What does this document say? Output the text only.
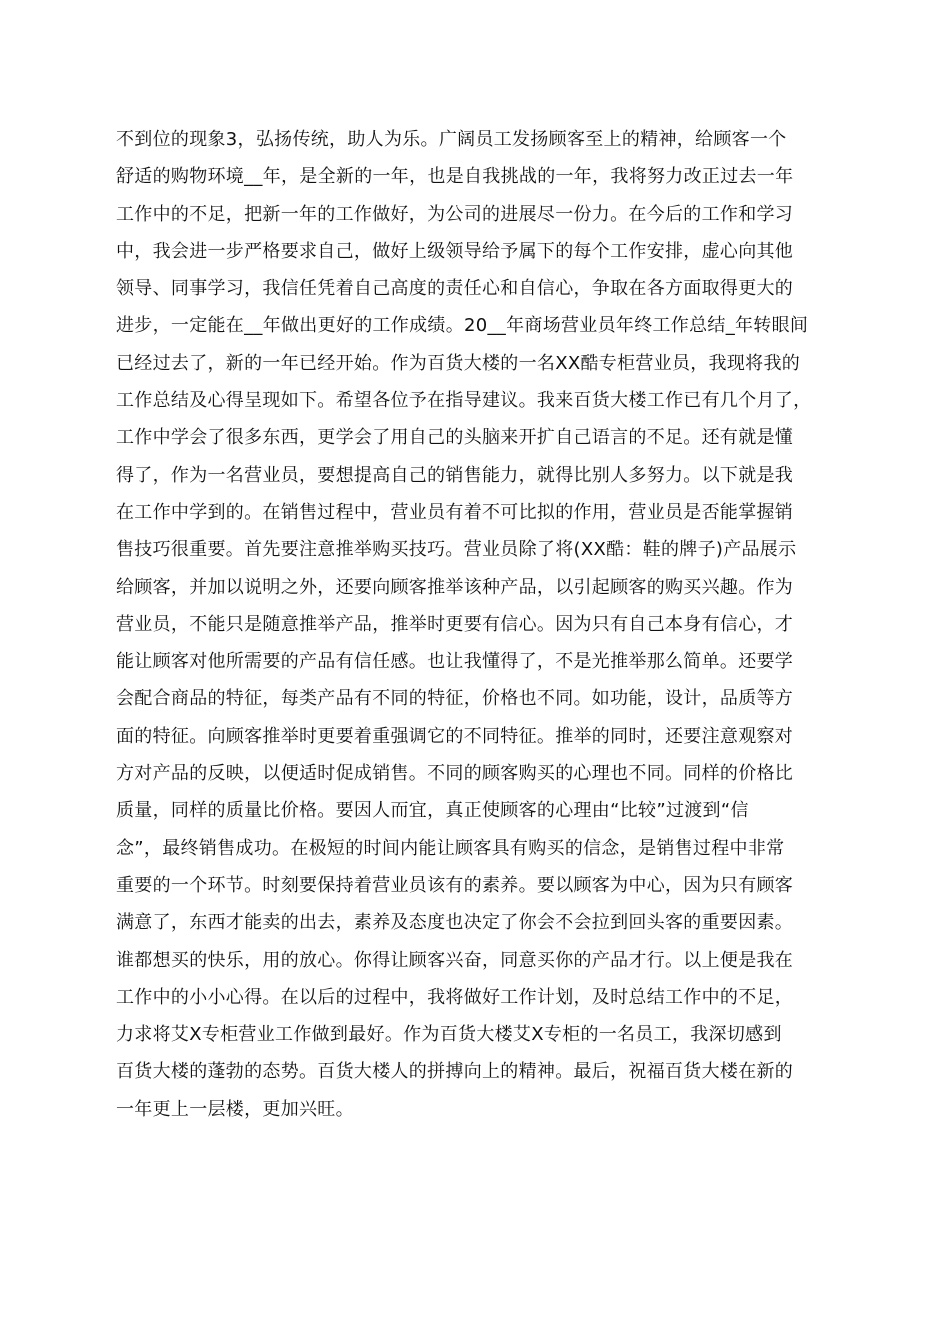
不到位的现象3，弘扬传统，助人为乐。广阔员工发扬顾客至上的精神，给顾客一个
舒适的购物环境__年，是全新的一年，也是自我挑战的一年，我将努力改正过去一年
工作中的不足，把新一年的工作做好，为公司的进展尽一份力。在今后的工作和学习
中，我会进一步严格要求自己，做好上级领导给予属下的每个工作安排，虚心向其他
领导、同事学习，我信任凭着自己高度的责任心和自信心，争取在各方面取得更大的
进步，一定能在__年做出更好的工作成绩。20__年商场营业员年终工作总结_年转眼间
已经过去了，新的一年已经开始。作为百货大楼的一名XX酷专柜营业员，我现将我的
工作总结及心得呈现如下。希望各位予在指导建议。我来百货大楼工作已有几个月了，
工作中学会了很多东西，更学会了用自己的头脑来开扩自己语言的不足。还有就是懂
得了，作为一名营业员，要想提高自己的销售能力，就得比别人多努力。以下就是我
在工作中学到的。在销售过程中，营业员有着不可比拟的作用，营业员是否能掌握销
售技巧很重要。首先要注意推举购买技巧。营业员除了将(XX酷：鞋的牌子)产品展示
给顾客，并加以说明之外，还要向顾客推举该种产品，以引起顾客的购买兴趣。作为
营业员，不能只是随意推举产品，推举时更要有信心。因为只有自己本身有信心，才
能让顾客对他所需要的产品有信任感。也让我懂得了，不是光推举那么简单。还要学
会配合商品的特征，每类产品有不同的特征，价格也不同。如功能，设计，品质等方
面的特征。向顾客推举时更要着重强调它的不同特征。推举的同时，还要注意观察对
方对产品的反映，以便适时促成销售。不同的顾客购买的心理也不同。同样的价格比
质量，同样的质量比价格。要因人而宜，真正使顾客的心理由“比较”过渡到“信
念”，最终销售成功。在极短的时间内能让顾客具有购买的信念，是销售过程中非常
重要的一个环节。时刻要保持着营业员该有的素养。要以顾客为中心，因为只有顾客
满意了，东西才能卖的出去，素养及态度也决定了你会不会拉到回头客的重要因素。
谁都想买的快乐，用的放心。你得让顾客兴奋，同意买你的产品才行。以上便是我在
工作中的小小心得。在以后的过程中，我将做好工作计划，及时总结工作中的不足，
力求将艾X专柜营业工作做到最好。作为百货大楼艾X专柜的一名员工，我深切感到
百货大楼的蓬勃的态势。百货大楼人的拼搏向上的精神。最后，祝福百货大楼在新的
一年更上一层楼，更加兴旺。
